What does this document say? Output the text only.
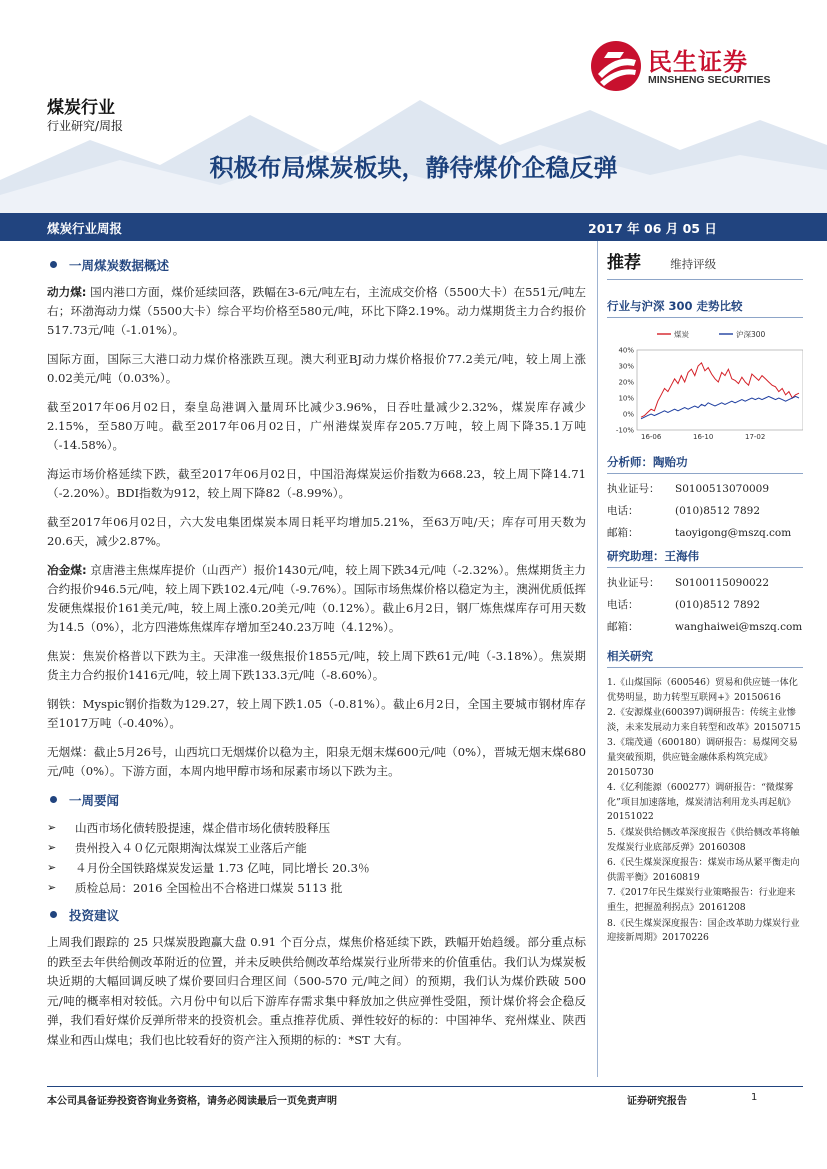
民生证券
MINSHENG SECURITIES
煤炭行业
行业研究/周报
积极布局煤炭板块，静待煤价企稳反弹
煤炭行业周报	2017 年 06 月 05 日
一周煤炭数据概述

动力煤: 国内港口方面，煤价延续回落，跌幅在3-6元/吨左右，主流成交价格（5500大卡）在551元/吨左右；环渤海动力煤（5500大卡）综合平均价格至580元/吨，环比下降2.19%。动力煤期货主力合约报价517.73元/吨（-1.01%）。

国际方面，国际三大港口动力煤价格涨跌互现。澳大利亚BJ动力煤价格报价77.2美元/吨，较上周上涨0.02美元/吨（0.03%）。

截至2017年06月02日，秦皇岛港调入量周环比减少3.96%，日吞吐量减少2.32%，煤炭库存减少2.15%，至580万吨。截至2017年06月02日，广州港煤炭库存205.7万吨，较上周下降35.1万吨（-14.58%）。

海运市场价格延续下跌，截至2017年06月02日，中国沿海煤炭运价指数为668.23，较上周下降14.71（-2.20%）。BDI指数为912，较上周下降82（-8.99%）。

截至2017年06月02日，六大发电集团煤炭本周日耗平均增加5.21%，至63万吨/天；库存可用天数为20.6天，减少2.87%。

冶金煤: 京唐港主焦煤库提价（山西产）报价1430元/吨，较上周下跌34元/吨（-2.32%）。焦煤期货主力合约报价946.5元/吨，较上周下跌102.4元/吨（-9.76%）。国际市场焦煤价格以稳定为主，澳洲优质低挥发硬焦煤报价161美元/吨，较上周上涨0.20美元/吨（0.12%）。截止6月2日，钢厂炼焦煤库存可用天数为14.5（0%），北方四港炼焦煤库存增加至240.23万吨（4.12%）。

焦炭：焦炭价格普以下跌为主。天津准一级焦报价1855元/吨，较上周下跌61元/吨（-3.18%）。焦炭期货主力合约报价1416元/吨，较上周下跌133.3元/吨（-8.60%）。

钢铁：Myspic钢价指数为129.27，较上周下跌1.05（-0.81%）。截止6月2日，全国主要城市钢材库存至1017万吨（-0.40%）。

无烟煤：截止5月26号，山西坑口无烟煤价以稳为主，阳泉无烟末煤600元/吨（0%），晋城无烟末煤680元/吨（0%）。下游方面，本周内地甲醇市场和尿素市场以下跌为主。

一周要闻
➢ 山西市场化债转股提速，煤企借市场化债转股释压
➢ 贵州投入４０亿元限期淘汰煤炭工业落后产能
➢ ４月份全国铁路煤炭发运量 1.73 亿吨，同比增长 20.3％
➢ 质检总局：2016 全国检出不合格进口煤炭 5113 批
投资建议

上周我们跟踪的 25 只煤炭股跑赢大盘 0.91 个百分点，煤焦价格延续下跌，跌幅开始趋缓。部分重点标的跌至去年供给侧改革附近的位置，并未反映供给侧改革给煤炭行业所带来的价值重估。我们认为煤炭板块近期的大幅回调反映了煤价要回归合理区间（500-570 元/吨之间）的预期，我们认为煤价跌破 500 元/吨的概率相对较低。六月份中旬以后下游库存需求集中释放加之供应弹性受阻，预计煤价将会企稳反弹，我们看好煤价反弹所带来的投资机会。重点推荐优质、弹性较好的标的：中国神华、兖州煤业、陕西煤业和西山煤电；我们也比较看好的资产注入预期的标的：*ST 大有。

推荐	维持评级
行业与沪深 300 走势比较
煤炭	沪深300
40%
30%
20%
10%
0%
-10%
16-06	16-10	17-02
分析师：陶贻功
执业证号：	S0100513070009
电话：	(010)8512 7892
邮箱：	taoyigong@mszq.com
研究助理：王海伟
执业证号：	S0100115090022
电话：	(010)8512 7892
邮箱：	wanghaiwei@mszq.com
相关研究
1.《山煤国际（600546）贸易和供应链一体化优势明显，助力转型互联网+》20150616
2.《安源煤业(600397)调研报告：传统主业惨淡，未来发展动力来自转型和改革》20150715
3.《瑞茂通（600180）调研报告：易煤网交易量突破预期，供应链金融体系构筑完成》20150730
4.《亿利能源（600277）调研报告：“微煤雾化”项目加速落地，煤炭清洁利用龙头再起航》20151022
5.《煤炭供给侧改革深度报告《供给侧改革将触发煤炭行业底部反弹》20160308
6.《民生煤炭深度报告：煤炭市场从紧平衡走向供需平衡》20160819
7.《2017年民生煤炭行业策略报告：行业迎来重生，把握盈利拐点》20161208
8.《民生煤炭深度报告：国企改革助力煤炭行业迎接新周期》20170226
本公司具备证券投资咨询业务资格，请务必阅读最后一页免责声明	证券研究报告	1
